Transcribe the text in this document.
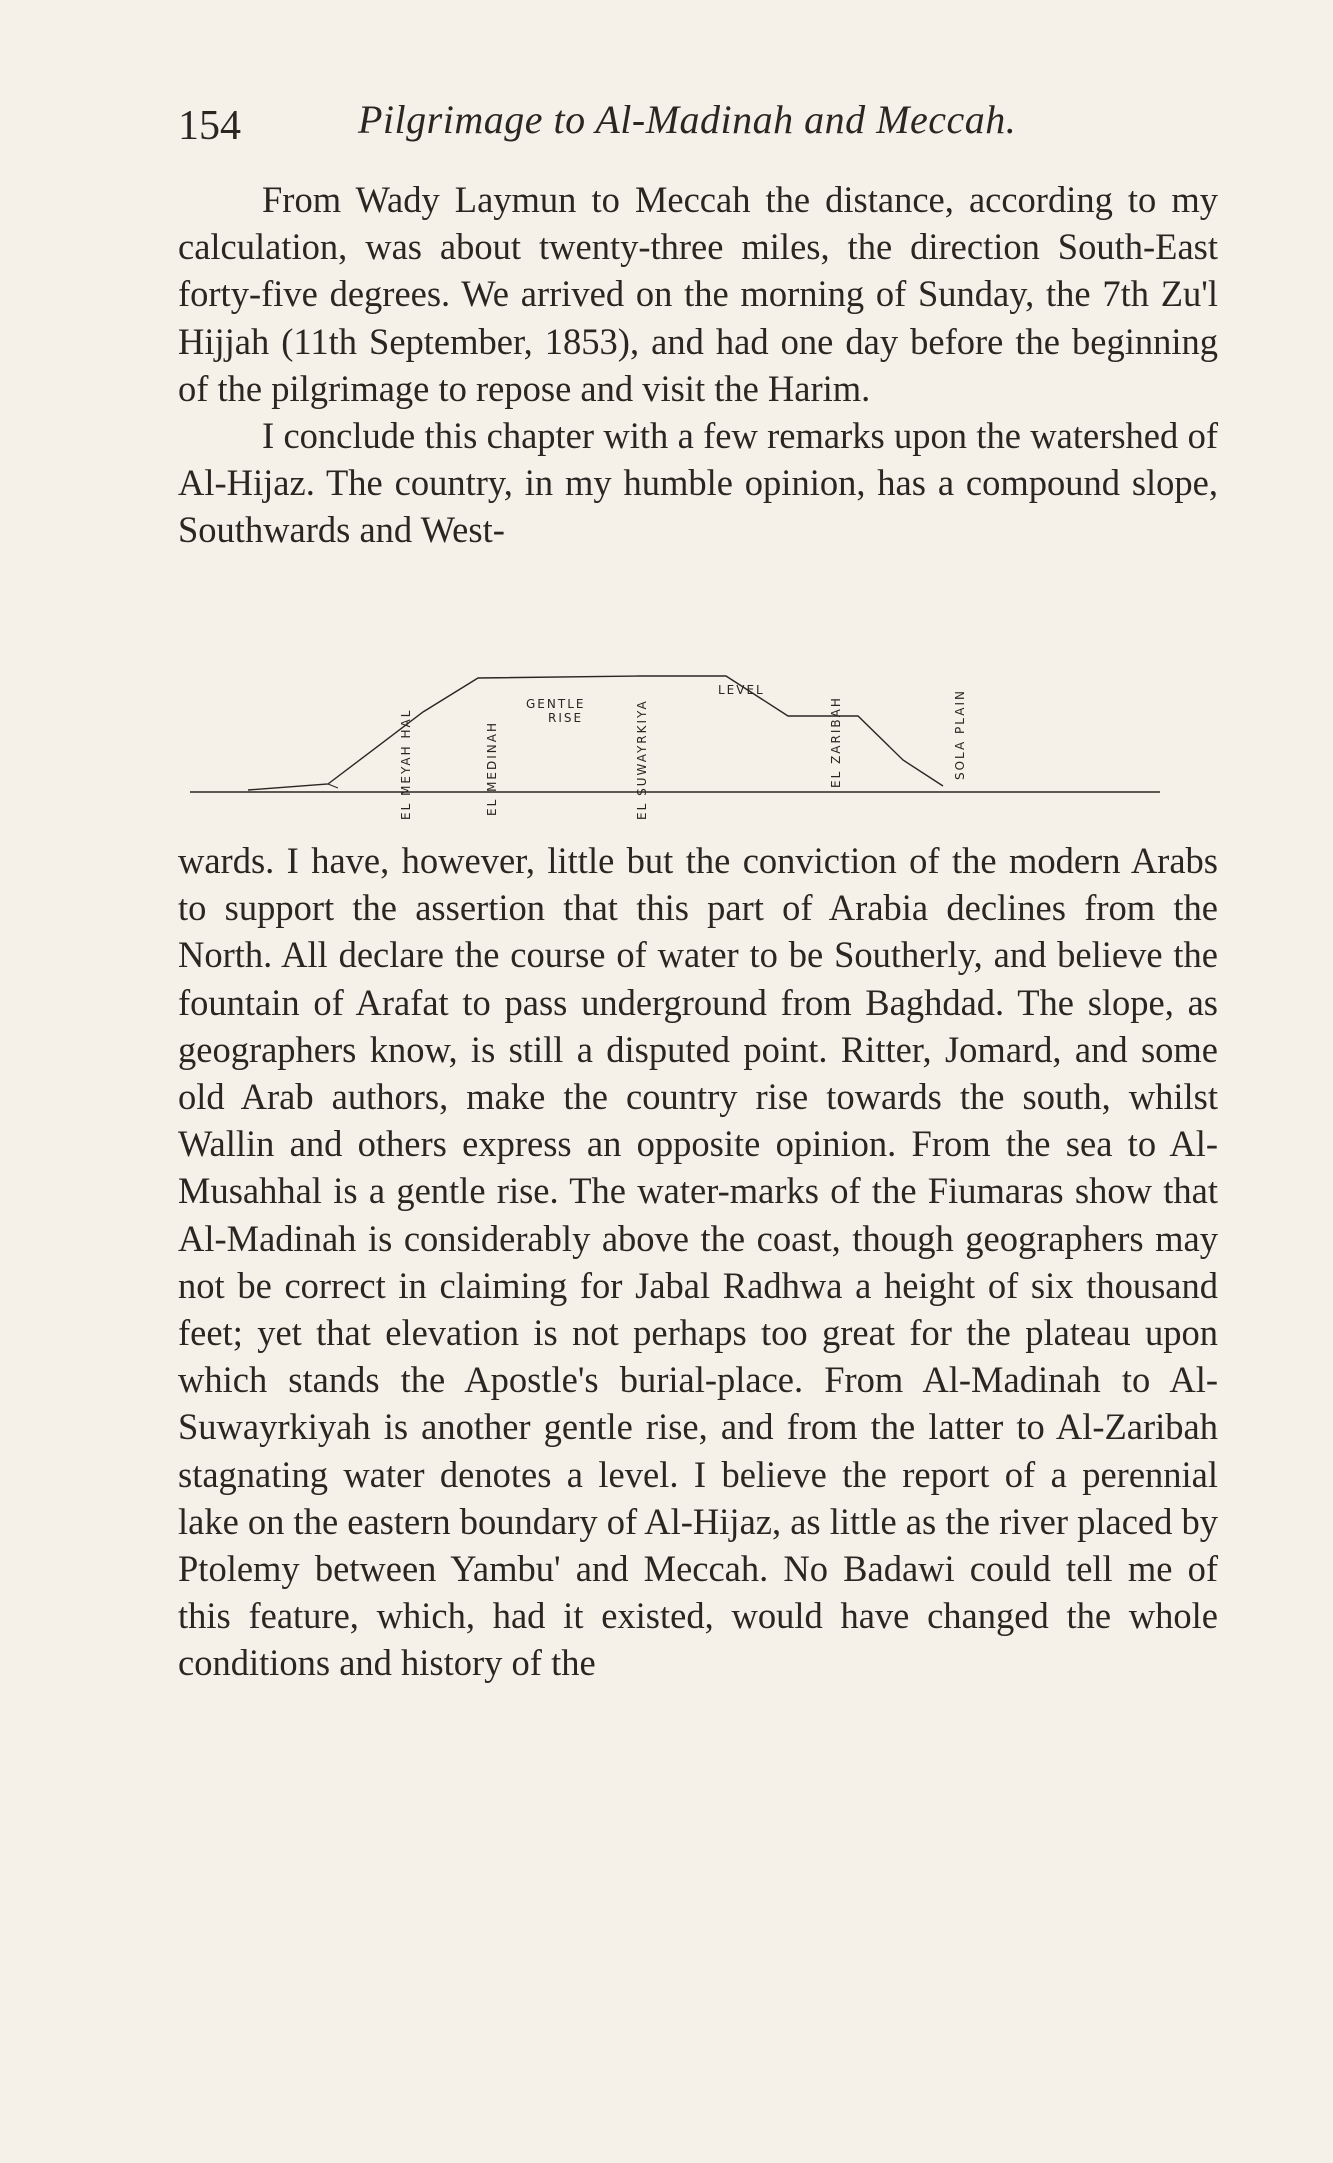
154	Pilgrimage to Al-Madinah and Meccah.

From Wady Laymun to Meccah the distance, according to my calculation, was about twenty-three miles, the direction South-East forty-five degrees. We arrived on the morning of Sunday, the 7th Zu'l Hijjah (11th September, 1853), and had one day before the beginning of the pilgrimage to repose and visit the Harim.

I conclude this chapter with a few remarks upon the watershed of Al-Hijaz. The country, in my humble opinion, has a compound slope, Southwards and West-

EL MEYAH HAL	EL MEDINAH	EL SUWAYRKIYA	EL ZARIBAH	SOLA PLAIN
GENTLE
RISE
LEVEL

wards. I have, however, little but the conviction of the modern Arabs to support the assertion that this part of Arabia declines from the North. All declare the course of water to be Southerly, and believe the fountain of Arafat to pass underground from Baghdad. The slope, as geographers know, is still a disputed point. Ritter, Jomard, and some old Arab authors, make the country rise towards the south, whilst Wallin and others express an opposite opinion. From the sea to Al-Musahhal is a gentle rise. The water-marks of the Fiumaras show that Al-Madinah is considerably above the coast, though geographers may not be correct in claiming for Jabal Radhwa a height of six thousand feet; yet that elevation is not perhaps too great for the plateau upon which stands the Apostle's burial-place. From Al-Madinah to Al-Suwayrkiyah is another gentle rise, and from the latter to Al-Zaribah stagnating water denotes a level. I believe the report of a perennial lake on the eastern boundary of Al-Hijaz, as little as the river placed by Ptolemy between Yambu' and Meccah. No Badawi could tell me of this feature, which, had it existed, would have changed the whole conditions and history of the
